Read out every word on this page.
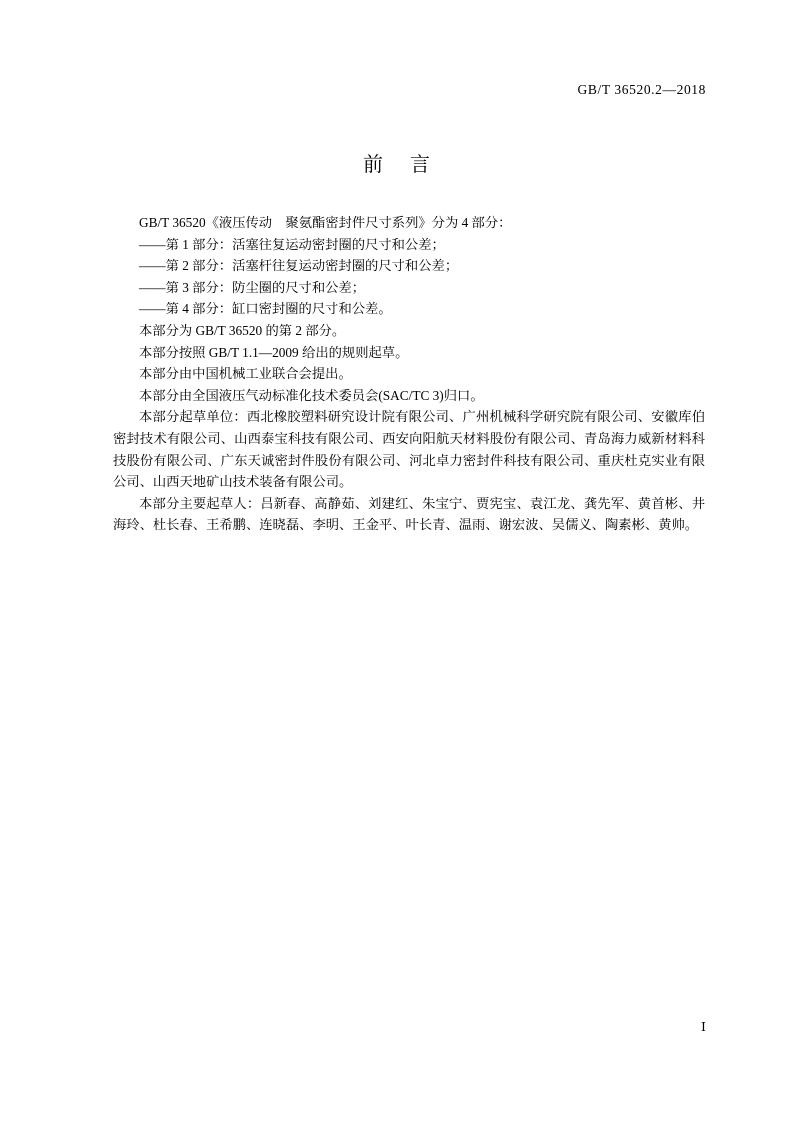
GB/T 36520.2—2018
前 言

GB/T 36520《液压传动　聚氨酯密封件尺寸系列》分为 4 部分：

——第 1 部分：活塞往复运动密封圈的尺寸和公差；

——第 2 部分：活塞杆往复运动密封圈的尺寸和公差；

——第 3 部分：防尘圈的尺寸和公差；

——第 4 部分：缸口密封圈的尺寸和公差。

本部分为 GB/T 36520 的第 2 部分。

本部分按照 GB/T 1.1—2009 给出的规则起草。

本部分由中国机械工业联合会提出。

本部分由全国液压气动标准化技术委员会(SAC/TC 3)归口。

本部分起草单位：西北橡胶塑料研究设计院有限公司、广州机械科学研究院有限公司、安徽库伯密封技术有限公司、山西泰宝科技有限公司、西安向阳航天材料股份有限公司、青岛海力威新材料科技股份有限公司、广东天诚密封件股份有限公司、河北卓力密封件科技有限公司、重庆杜克实业有限公司、山西天地矿山技术装备有限公司。

本部分主要起草人：吕新春、高静茹、刘建红、朱宝宁、贾宪宝、袁江龙、龚先军、黄首彬、井海玲、杜长春、王希鹏、连晓磊、李明、王金平、叶长青、温雨、谢宏波、吴儒义、陶素彬、黄帅。

Ⅰ
